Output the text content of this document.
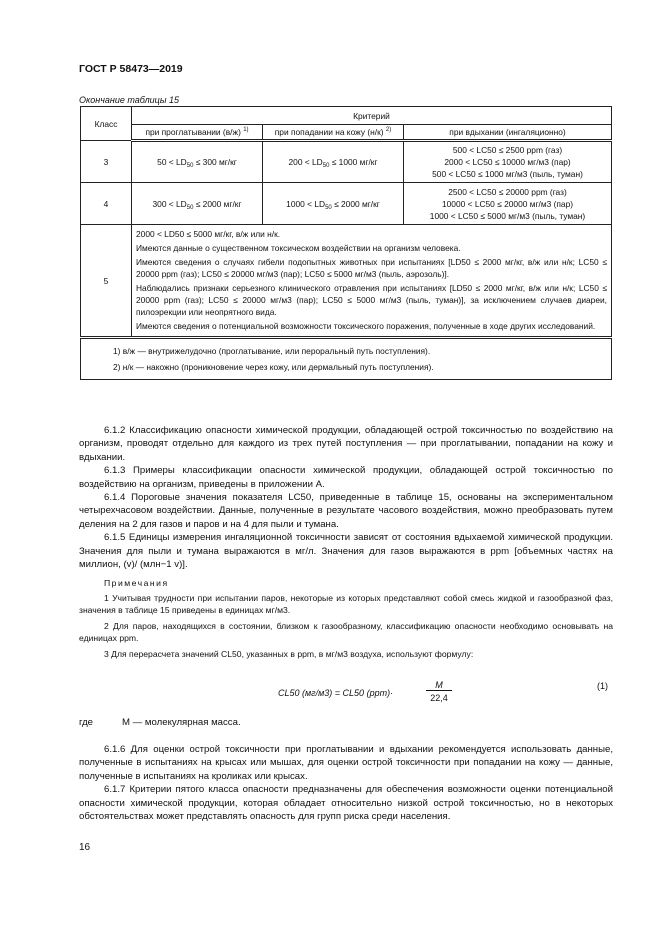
ГОСТ Р 58473—2019
Окончание таблицы 15
Класс	Критерий		
	при проглатывании (в/ж) $^{1)}$	при попадании на кожу (н/к) $^{2)}$	при вдыхании (ингаляционно)
3	$50 < LD_{50} \le 300$ мг/кг	$200 < LD_{50} \le 1000$ мг/кг	500 < LC50 ≤ 2500 ppm (газ)
2000 < LC50 ≤ 10000 мг/м3 (пар)
500 < LC50 ≤ 1000 мг/м3 (пыль, туман)

4	$300 < LD_{50} \le 2000$ мг/кг	$1000 < LD_{50} \le 2000$ мг/кг	2500 < LC50 ≤ 20000 ppm (газ)
10000 < LC50 ≤ 20000 мг/м3 (пар)
1000 < LC50 ≤ 5000 мг/м3 (пыль, туман)

5	2000 < LD50 ≤ 5000 мг/кг, в/ж или н/к.
Имеются данные о существенном токсическом воздействии на организм человека.
Имеются сведения о случаях гибели подопытных животных при испытаниях [LD50 ≤ 2000 мг/кг, в/ж или н/к; LC50 ≤ 20000 ppm (газ); LC50 ≤ 20000 мг/м3 (пар); LC50 ≤ 5000 мг/м3 (пыль, аэрозоль)].
Наблюдались признаки серьезного клинического отравления при испытаниях [LD50 ≤ 2000 мг/кг, в/ж или н/к; LC50 ≤ 20000 ppm (газ); LC50 ≤ 20000 мг/м3 (пар); LC50 ≤ 5000 мг/м3 (пыль, туман)], за исключением случаев диареи, пилоэрекции или неопрятного вида.
Имеются сведения о потенциальной возможности токсического поражения, полученные в ходе других исследований.		

1) в/ж — внутрижелудочно (проглатывание, или пероральный путь поступления).
2) н/к — накожно (проникновение через кожу, или дермальный путь поступления).			

6.1.2 Классификацию опасности химической продукции, обладающей острой токсичностью по воздействию на организм, проводят отдельно для каждого из трех путей поступления — при проглатывании, попадании на кожу и вдыхании.

6.1.3 Примеры классификации опасности химической продукции, обладающей острой токсичностью по воздействию на организм, приведены в приложении А.

6.1.4 Пороговые значения показателя LC50, приведенные в таблице 15, основаны на экспериментальном четырехчасовом воздействии. Данные, полученные в результате часового воздействия, можно преобразовать путем деления на 2 для газов и паров и на 4 для пыли и тумана.

6.1.5 Единицы измерения ингаляционной токсичности зависят от состояния вдыхаемой химической продукции. Значения для пыли и тумана выражаются в мг/л. Значения для газов выражаются в ppm [объемных частях на миллион, (v)/ (млн−1 v)].

Примечания

1 Учитывая трудности при испытании паров, некоторые из которых представляют собой смесь жидкой и газообразной фаз, значения в таблице 15 приведены в единицах мг/м3.

2 Для паров, находящихся в состоянии, близком к газообразному, классификацию опасности необходимо основывать на единицах ppm.

3 Для перерасчета значений CL50, указанных в ppm, в мг/м3 воздуха, используют формулу:

CL50 (мг/м3) = CL50 (ppm)·
M
22,4
(1)
где	M — молекулярная масса.

6.1.6 Для оценки острой токсичности при проглатывании и вдыхании рекомендуется использовать данные, полученные в испытаниях на крысах или мышах, для оценки острой токсичности при попадании на кожу — данные, полученные в испытаниях на кроликах или крысах.

6.1.7 Критерии пятого класса опасности предназначены для обеспечения возможности оценки потенциальной опасности химической продукции, которая обладает относительно низкой острой токсичностью, но в некоторых обстоятельствах может представлять опасность для групп риска среди населения.

16
